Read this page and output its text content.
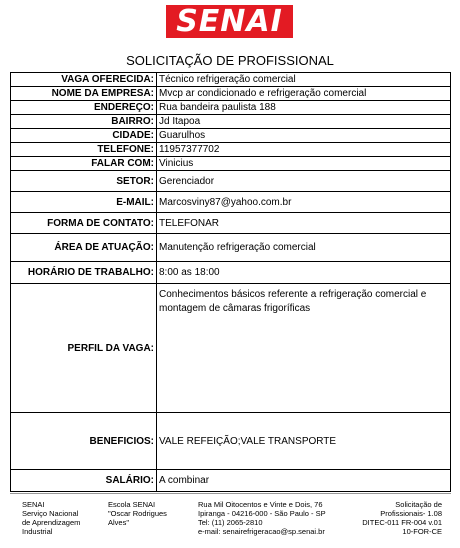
SENAI
SOLICITAÇÃO DE PROFISSIONAL
VAGA OFERECIDA:	Técnico refrigeração comercial
NOME DA EMPRESA:	Mvcp ar condicionado e refrigeração comercial
ENDEREÇO:	Rua bandeira paulista 188
BAIRRO:	Jd Itapoa
CIDADE:	Guarulhos
TELEFONE:	11957377702
FALAR COM:	Vinicius
SETOR:	Gerenciador
E-MAIL:	Marcosviny87@yahoo.com.br
FORMA DE CONTATO:	TELEFONAR
ÁREA DE ATUAÇÃO:	Manutenção refrigeração comercial
HORÁRIO DE TRABALHO:	8:00 as 18:00
PERFIL DA VAGA:	Conhecimentos básicos referente a refrigeração comercial e montagem de câmaras frigoríficas
BENEFICIOS:	VALE REFEIÇÃO;VALE TRANSPORTE
SALÁRIO:	A combinar
SENAI
Serviço Nacional
de Aprendizagem
Industrial
Escola SENAI
"Oscar Rodrigues
Alves"
Rua Mil Oitocentos e Vinte e Dois, 76
Ipiranga - 04216-000 - São Paulo - SP
Tel: (11) 2065-2810
e-mail: senairefrigeracao@sp.senai.br
Solicitação de
Profissionais- 1.08
DITEC-011 FR-004 v.01
10-FOR-CE
